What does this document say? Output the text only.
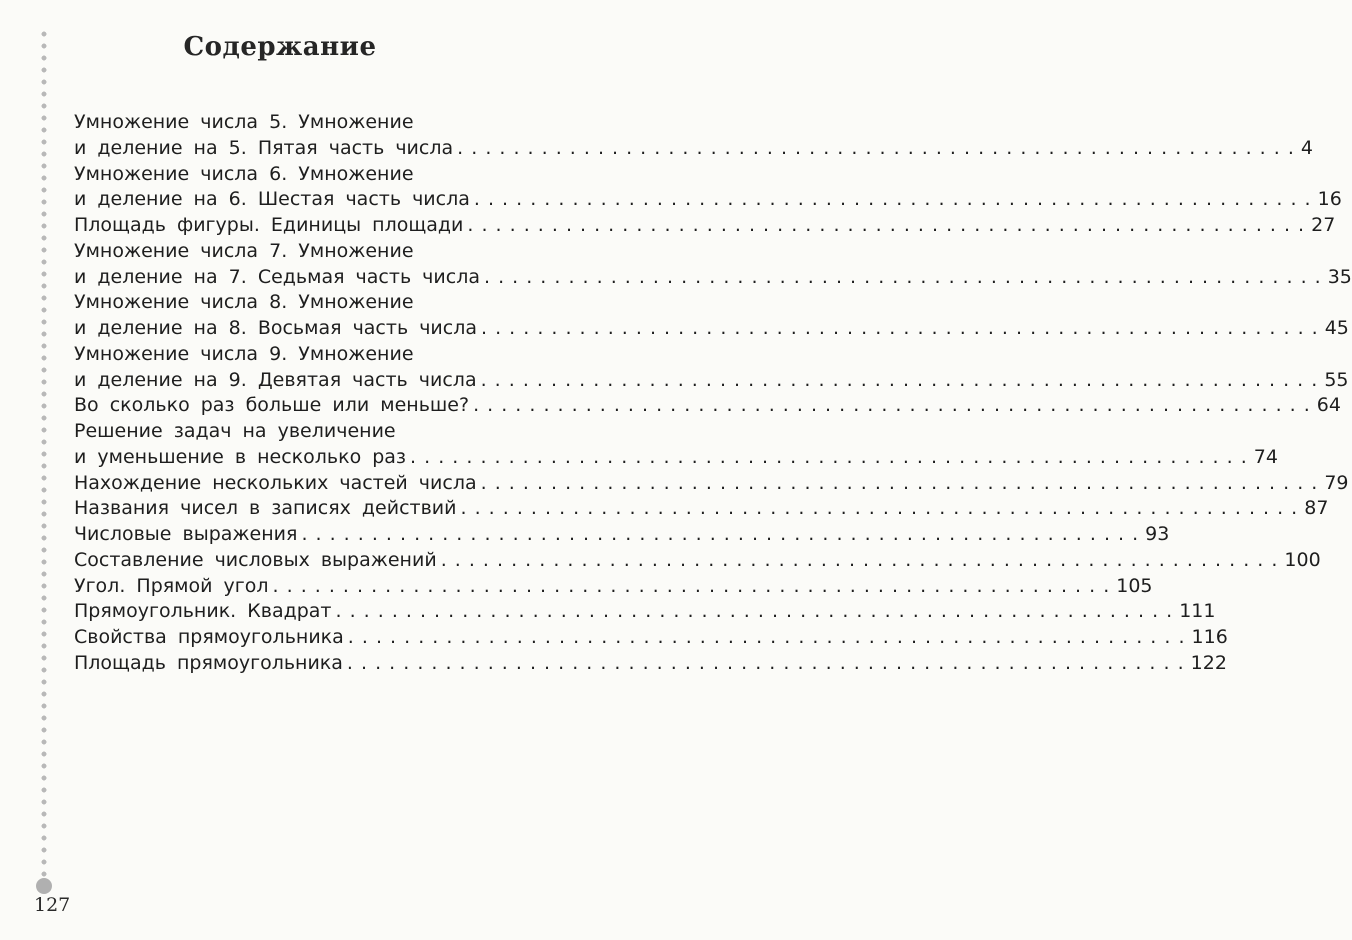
Содержание
Умножение числа 5. Умножение
и деление на 5. Пятая часть числа . . . . . . . . . . . . . . . . . . . . . . . . . . . . . . . . . . . . . . . . . . . . . . . . . . . . . . . . . . . . 4
Умножение числа 6. Умножение
и деление на 6. Шестая часть числа . . . . . . . . . . . . . . . . . . . . . . . . . . . . . . . . . . . . . . . . . . . . . . . . . . . . . . . . . . . . 16
Площадь фигуры. Единицы площади . . . . . . . . . . . . . . . . . . . . . . . . . . . . . . . . . . . . . . . . . . . . . . . . . . . . . . . . . . . . 27
Умножение числа 7. Умножение
и деление на 7. Седьмая часть числа . . . . . . . . . . . . . . . . . . . . . . . . . . . . . . . . . . . . . . . . . . . . . . . . . . . . . . . . . . . . 35
Умножение числа 8. Умножение
и деление на 8. Восьмая часть числа . . . . . . . . . . . . . . . . . . . . . . . . . . . . . . . . . . . . . . . . . . . . . . . . . . . . . . . . . . . . 45
Умножение числа 9. Умножение
и деление на 9. Девятая часть числа . . . . . . . . . . . . . . . . . . . . . . . . . . . . . . . . . . . . . . . . . . . . . . . . . . . . . . . . . . . . 55
Во сколько раз больше или меньше? . . . . . . . . . . . . . . . . . . . . . . . . . . . . . . . . . . . . . . . . . . . . . . . . . . . . . . . . . . . . 64
Решение задач на увеличение
и уменьшение в несколько раз . . . . . . . . . . . . . . . . . . . . . . . . . . . . . . . . . . . . . . . . . . . . . . . . . . . . . . . . . . . . 74
Нахождение нескольких частей числа . . . . . . . . . . . . . . . . . . . . . . . . . . . . . . . . . . . . . . . . . . . . . . . . . . . . . . . . . . . . 79
Названия чисел в записях действий . . . . . . . . . . . . . . . . . . . . . . . . . . . . . . . . . . . . . . . . . . . . . . . . . . . . . . . . . . . . 87
Числовые выражения . . . . . . . . . . . . . . . . . . . . . . . . . . . . . . . . . . . . . . . . . . . . . . . . . . . . . . . . . . . . 93
Составление числовых выражений . . . . . . . . . . . . . . . . . . . . . . . . . . . . . . . . . . . . . . . . . . . . . . . . . . . . . . . . . . . . 100
Угол. Прямой угол . . . . . . . . . . . . . . . . . . . . . . . . . . . . . . . . . . . . . . . . . . . . . . . . . . . . . . . . . . . . 105
Прямоугольник. Квадрат . . . . . . . . . . . . . . . . . . . . . . . . . . . . . . . . . . . . . . . . . . . . . . . . . . . . . . . . . . . . 111
Свойства прямоугольника . . . . . . . . . . . . . . . . . . . . . . . . . . . . . . . . . . . . . . . . . . . . . . . . . . . . . . . . . . . . 116
Площадь прямоугольника . . . . . . . . . . . . . . . . . . . . . . . . . . . . . . . . . . . . . . . . . . . . . . . . . . . . . . . . . . . . 122
127
